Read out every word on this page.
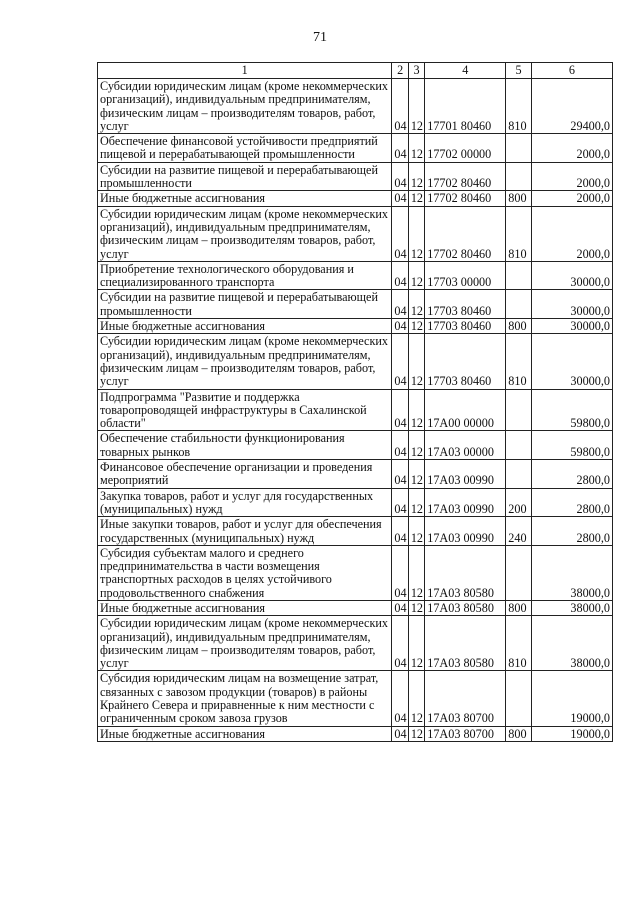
71
1	2	3	4	5	6
Субсидии юридическим лицам (кроме некоммерческих организаций), индивидуальным предпринимателям, физическим лицам – производителям товаров, работ, услуг	04	12	17701 80460	810	29400,0
Обеспечение финансовой устойчивости предприятий пищевой и перерабатывающей промышленности	04	12	17702 00000		2000,0
Субсидии на развитие пищевой и перерабатывающей промышленности	04	12	17702 80460		2000,0
Иные бюджетные ассигнования	04	12	17702 80460	800	2000,0
Субсидии юридическим лицам (кроме некоммерческих организаций), индивидуальным предпринимателям, физическим лицам – производителям товаров, работ, услуг	04	12	17702 80460	810	2000,0
Приобретение технологического оборудования и специализированного транспорта	04	12	17703 00000		30000,0
Субсидии на развитие пищевой и перерабатывающей промышленности	04	12	17703 80460		30000,0
Иные бюджетные ассигнования	04	12	17703 80460	800	30000,0
Субсидии юридическим лицам (кроме некоммерческих организаций), индивидуальным предпринимателям, физическим лицам – производителям товаров, работ, услуг	04	12	17703 80460	810	30000,0
Подпрограмма "Развитие и поддержка товаропроводящей инфраструктуры в Сахалинской области"	04	12	17А00 00000		59800,0
Обеспечение стабильности функционирования товарных рынков	04	12	17А03 00000		59800,0
Финансовое обеспечение организации и проведения мероприятий	04	12	17А03 00990		2800,0
Закупка товаров, работ и услуг для государственных (муниципальных) нужд	04	12	17А03 00990	200	2800,0
Иные закупки товаров, работ и услуг для обеспечения государственных (муниципальных) нужд	04	12	17А03 00990	240	2800,0
Субсидия субъектам малого и среднего предпринимательства в части возмещения транспортных расходов в целях устойчивого продовольственного снабжения	04	12	17А03 80580		38000,0
Иные бюджетные ассигнования	04	12	17А03 80580	800	38000,0
Субсидии юридическим лицам (кроме некоммерческих организаций), индивидуальным предпринимателям, физическим лицам – производителям товаров, работ, услуг	04	12	17А03 80580	810	38000,0
Субсидия юридическим лицам на возмещение затрат, связанных с завозом продукции (товаров) в районы Крайнего Севера и приравненные к ним местности с ограниченным сроком завоза грузов	04	12	17А03 80700		19000,0
Иные бюджетные ассигнования	04	12	17А03 80700	800	19000,0
